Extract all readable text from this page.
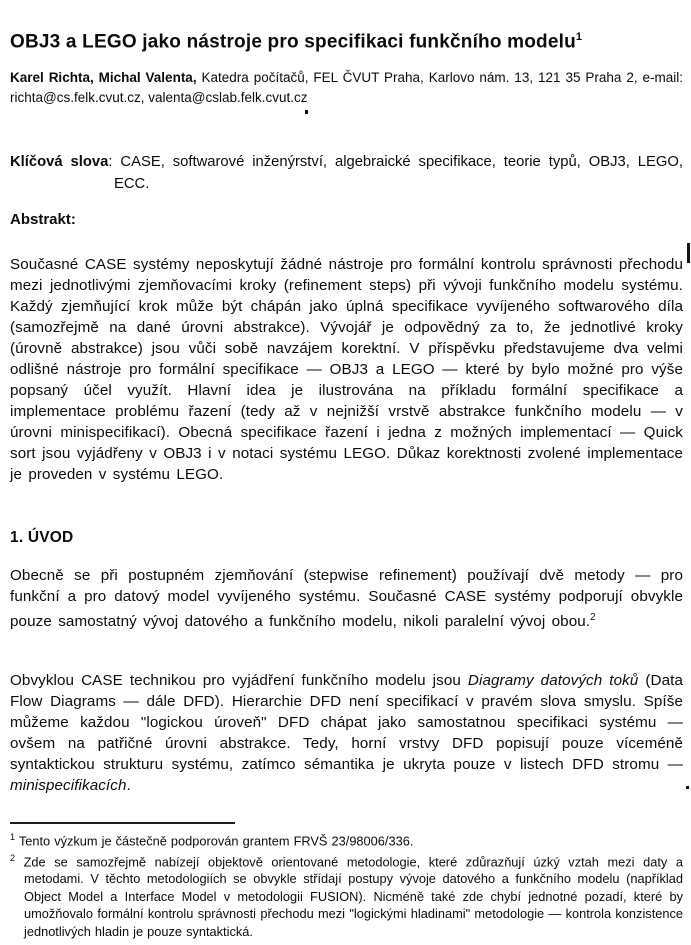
OBJ3 a LEGO jako nástroje pro specifikaci funkčního modelu$^1$

Karel Richta, Michal Valenta, Katedra počítačů, FEL ČVUT Praha, Karlovo nám. 13, 121 35 Praha 2, e-mail: richta@cs.felk.cvut.cz, valenta@cslab.felk.cvut.cz

Klíčová slova: CASE, softwarové inženýrství, algebraické specifikace, teorie typů, OBJ3, LEGO, ECC.

Abstrakt:

Současné CASE systémy neposkytují žádné nástroje pro formální kontrolu správnosti přechodu mezi jednotlivými zjemňovacími kroky (refinement steps) při vývoji funkčního modelu systému. Každý zjemňující krok může být chápán jako úplná specifikace vyvíjeného softwarového díla (samozřejmě na dané úrovni abstrakce). Vývojář je odpovědný za to, že jednotlivé kroky (úrovně abstrakce) jsou vůči sobě navzájem korektní. V příspěvku představujeme dva velmi odlišné nástroje pro formální specifikace — OBJ3 a LEGO — které by bylo možné pro výše popsaný účel využít. Hlavní idea je ilustrována na příkladu formální specifikace a implementace problému řazení (tedy až v nejnižší vrstvě abstrakce funkčního modelu — v úrovni minispecifikací). Obecná specifikace řazení i jedna z možných implementací — Quick sort jsou vyjádřeny v OBJ3 i v notaci systému LEGO. Důkaz korektnosti zvolené implementace je proveden v systému LEGO.

1. ÚVOD

Obecně se při postupném zjemňování (stepwise refinement) používají dvě metody — pro funkční a pro datový model vyvíjeného systému. Současné CASE systémy podporují obvykle pouze samostatný vývoj datového a funkčního modelu, nikoli paralelní vývoj obou.$^2$

Obvyklou CASE technikou pro vyjádření funkčního modelu jsou Diagramy datových toků (Data Flow Diagrams — dále DFD). Hierarchie DFD není specifikací v pravém slova smyslu. Spíše můžeme každou "logickou úroveň" DFD chápat jako samostatnou specifikaci systému — ovšem na patřičné úrovni abstrakce. Tedy, horní vrstvy DFD popisují pouze víceméně syntaktickou strukturu systému, zatímco sémantika je ukryta pouze v listech DFD stromu —minispecifikacích.

$^1$ Tento výzkum je částečně podporován grantem FRVŠ 23/98006/336.
$^2$ Zde se samozřejmě nabízejí objektově orientované metodologie, které zdůrazňují úzký vztah mezi daty a metodami. V těchto metodologiích se obvykle střídají postupy vývoje datového a funkčního modelu (například Object Model a Interface Model v metodologii FUSION). Nicméně také zde chybí jednotné pozadí, které by umožňovalo formální kontrolu správnosti přechodu mezi "logickými hladinami" metodologie — kontrola konzistence jednotlivých hladin je pouze syntaktická.
